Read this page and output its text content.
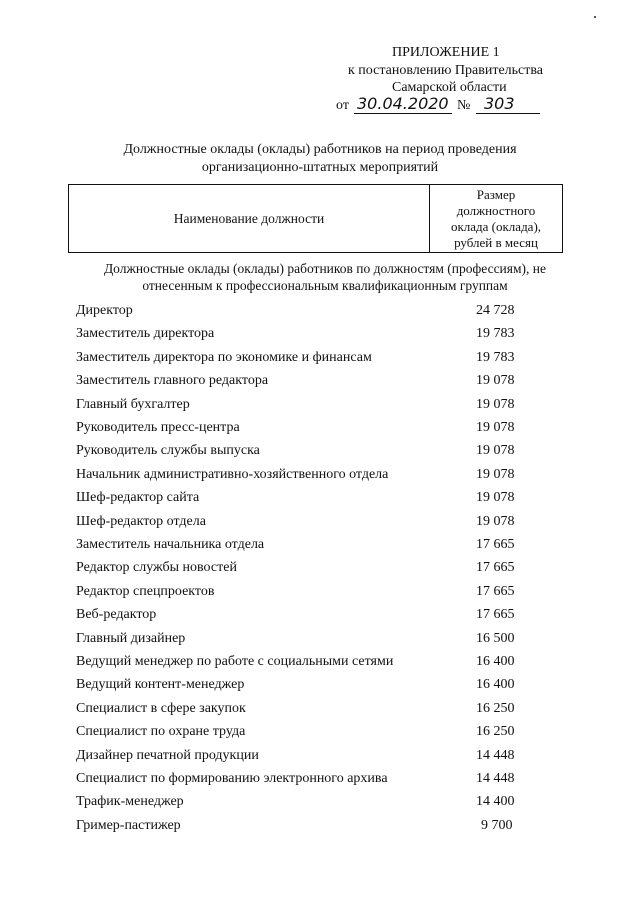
ПРИЛОЖЕНИЕ 1
к постановлению Правительства
Самарской области
от 30.04.2020 № 303
Должностные оклады (оклады) работников на период проведения
организационно-штатных мероприятий
Наименование должности
Размер
должностного
оклада (оклада),
рублей в месяц
Должностные оклады (оклады) работников по должностям (профессиям), не
отнесенным к профессиональным квалификационным группам
Директор	24 728
Заместитель директора	19 783
Заместитель директора по экономике и финансам	19 783
Заместитель главного редактора	19 078
Главный бухгалтер	19 078
Руководитель пресс-центра	19 078
Руководитель службы выпуска	19 078
Начальник административно-хозяйственного отдела	19 078
Шеф-редактор сайта	19 078
Шеф-редактор отдела	19 078
Заместитель начальника отдела	17 665
Редактор службы новостей	17 665
Редактор спецпроектов	17 665
Веб-редактор	17 665
Главный дизайнер	16 500
Ведущий менеджер по работе с социальными сетями	16 400
Ведущий контент-менеджер	16 400
Специалист в сфере закупок	16 250
Специалист по охране труда	16 250
Дизайнер печатной продукции	14 448
Специалист по формированию электронного архива	14 448
Трафик-менеджер	14 400
Гример-пастижер	9 700
